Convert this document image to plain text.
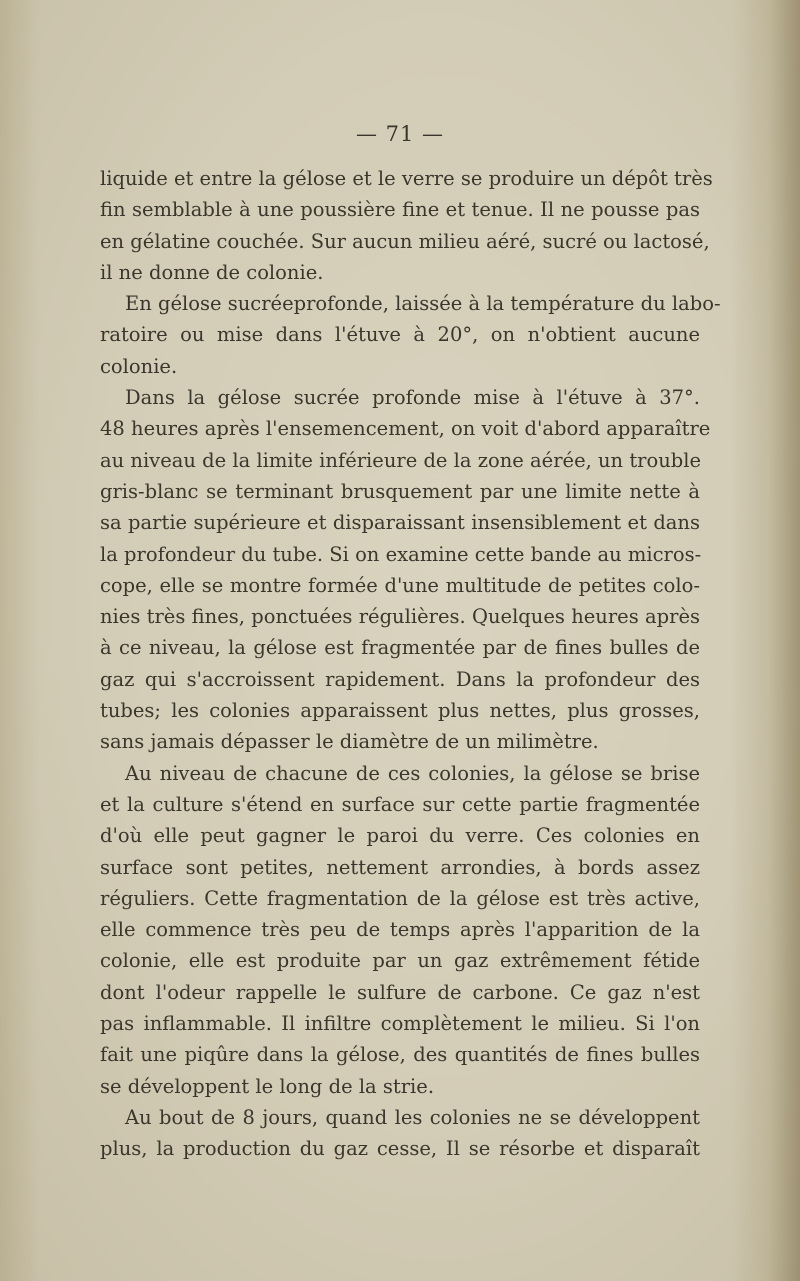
— 71 —
liquide et entre la gélose et le verre se produire un dépôt très
fin semblable à une poussière fine et tenue. Il ne pousse pas
en gélatine couchée. Sur aucun milieu aéré, sucré ou lactosé,
il ne donne de colonie.
En gélose sucréeprofonde, laissée à la température du labo-
ratoire ou mise dans l'étuve à 20°, on n'obtient aucune
colonie.
Dans la gélose sucrée profonde mise à l'étuve à 37°.
48 heures après l'ensemencement, on voit d'abord apparaître
au niveau de la limite inférieure de la zone aérée, un trouble
gris-blanc se terminant brusquement par une limite nette à
sa partie supérieure et disparaissant insensiblement et dans
la profondeur du tube. Si on examine cette bande au micros-
cope, elle se montre formée d'une multitude de petites colo-
nies très fines, ponctuées régulières. Quelques heures après
à ce niveau, la gélose est fragmentée par de fines bulles de
gaz qui s'accroissent rapidement. Dans la profondeur des
tubes; les colonies apparaissent plus nettes, plus grosses,
sans jamais dépasser le diamètre de un milimètre.
Au niveau de chacune de ces colonies, la gélose se brise
et la culture s'étend en surface sur cette partie fragmentée
d'où elle peut gagner le paroi du verre. Ces colonies en
surface sont petites, nettement arrondies, à bords assez
réguliers. Cette fragmentation de la gélose est très active,
elle commence très peu de temps après l'apparition de la
colonie, elle est produite par un gaz extrêmement fétide
dont l'odeur rappelle le sulfure de carbone. Ce gaz n'est
pas inflammable. Il infiltre complètement le milieu. Si l'on
fait une piqûre dans la gélose, des quantités de fines bulles
se développent le long de la strie.
Au bout de 8 jours, quand les colonies ne se développent
plus, la production du gaz cesse, Il se résorbe et disparaît
